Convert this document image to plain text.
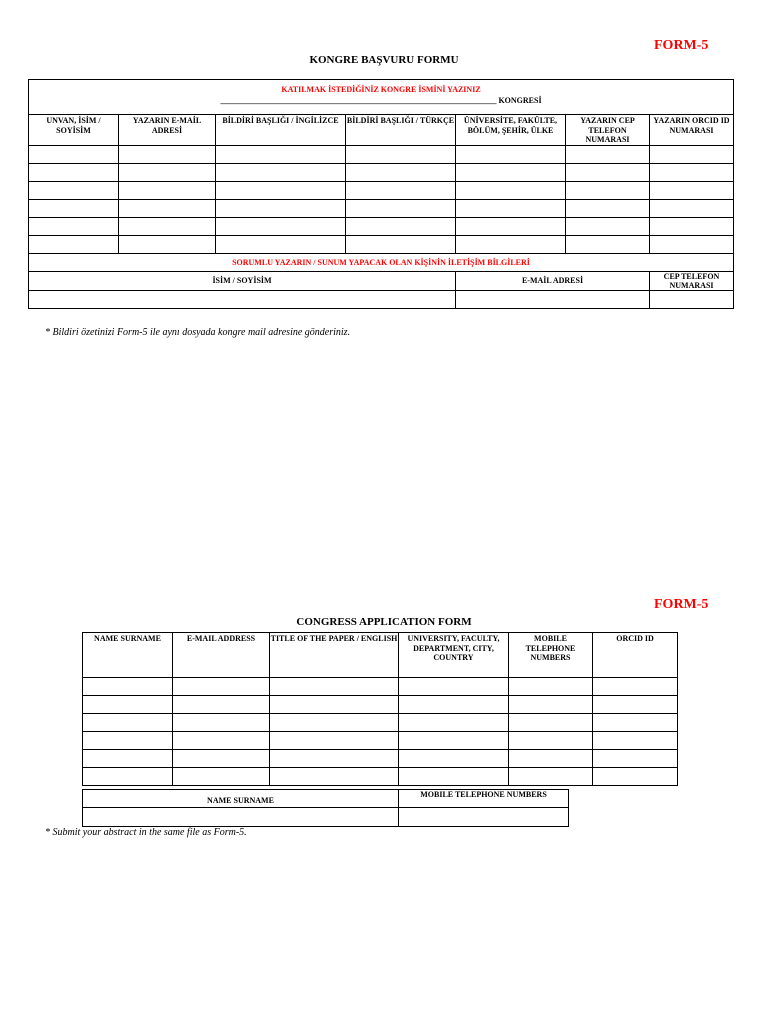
FORM-5
KONGRE BAŞVURU FORMU
KATILMAK İSTEDİĞİNİZ KONGRE İSMİNİ YAZINIZ
_____________________________________________________________________ KONGRESİ						

UNVAN, İSİM / SOYİSİM	YAZARIN E-MAİL ADRESİ	BİLDİRİ BAŞLIĞI / İNGİLİZCE	BİLDİRİ BAŞLIĞI / TÜRKÇE	ÜNİVERSİTE, FAKÜLTE, BÖLÜM, ŞEHİR, ÜLKE	YAZARIN CEP TELEFON NUMARASI	YAZARIN ORCID ID NUMARASI

SORUMLU YAZARIN / SUNUM YAPACAK OLAN KİŞİNİN İLETİŞİM BİLGİLERİ						
İSİM / SOYİSİM				E-MAİL ADRESİ		CEP TELEFON NUMARASI

* Bildiri özetinizi Form-5 ile aynı dosyada kongre mail adresine gönderiniz.
FORM-5
CONGRESS APPLICATION FORM
NAME SURNAME	E-MAIL ADDRESS	TITLE OF THE PAPER / ENGLISH	UNIVERSITY, FACULTY, DEPARTMENT, CITY, COUNTRY	MOBILE TELEPHONE NUMBERS	ORCID ID

NAME SURNAME	MOBILE TELEPHONE NUMBERS

* Submit your abstract in the same file as Form-5.
